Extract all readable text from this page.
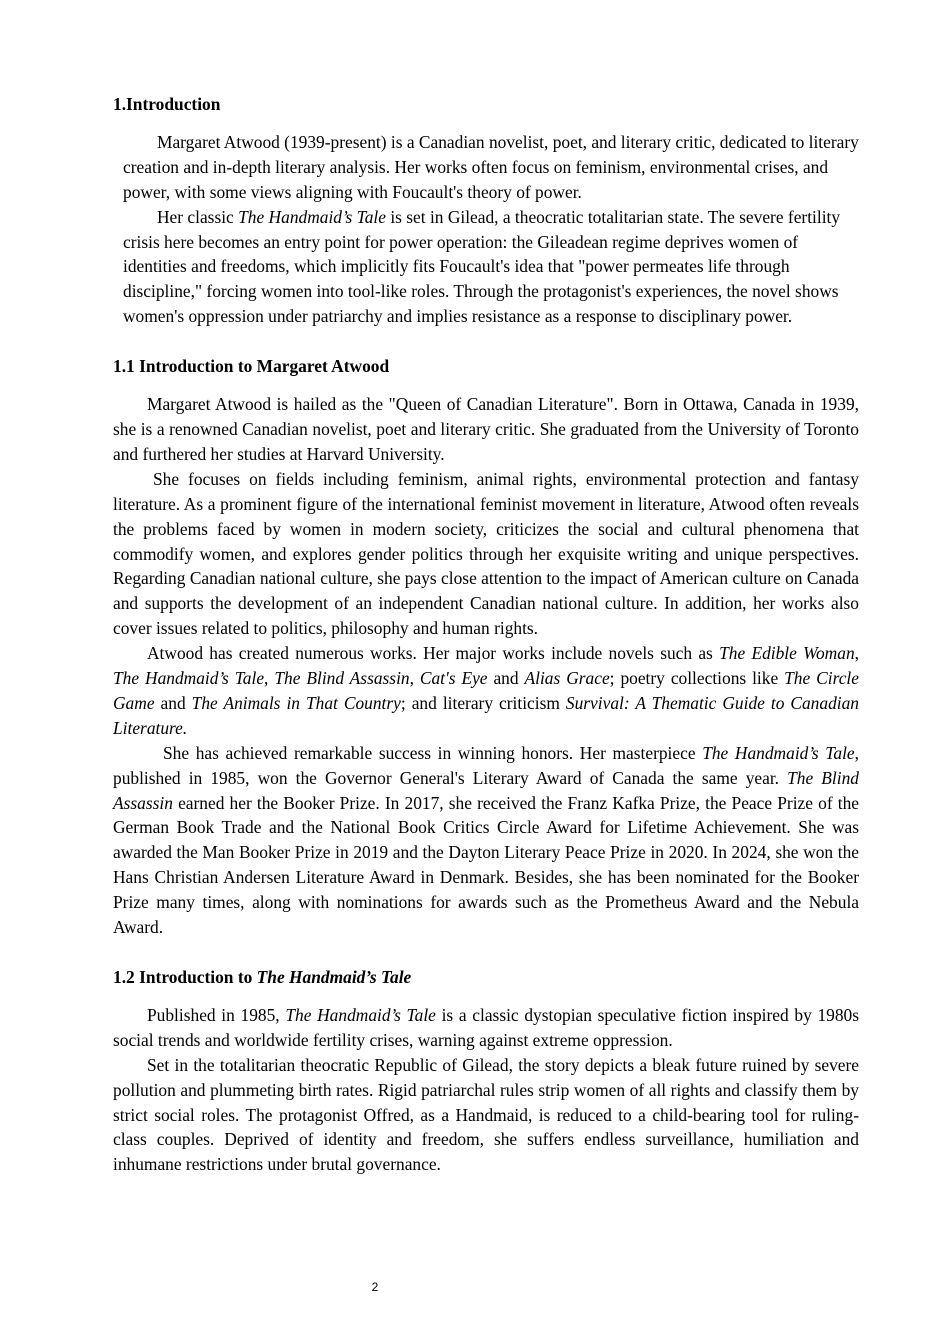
1.Introduction

Margaret Atwood (1939-present) is a Canadian novelist, poet, and literary critic, dedicated to literary creation and in-depth literary analysis. Her works often focus on feminism, environmental crises, and power, with some views aligning with Foucault's theory of power.

Her classic The Handmaid’s Tale is set in Gilead, a theocratic totalitarian state. The severe fertility crisis here becomes an entry point for power operation: the Gileadean regime deprives women of identities and freedoms, which implicitly fits Foucault's idea that "power permeates life through discipline," forcing women into tool-like roles. Through the protagonist's experiences, the novel shows women's oppression under patriarchy and implies resistance as a response to disciplinary power.

1.1 Introduction to Margaret Atwood

Margaret Atwood is hailed as the "Queen of Canadian Literature". Born in Ottawa, Canada in 1939, she is a renowned Canadian novelist, poet and literary critic. She graduated from the University of Toronto and furthered her studies at Harvard University.

She focuses on fields including feminism, animal rights, environmental protection and fantasy literature. As a prominent figure of the international feminist movement in literature, Atwood often reveals the problems faced by women in modern society, criticizes the social and cultural phenomena that commodify women, and explores gender politics through her exquisite writing and unique perspectives. Regarding Canadian national culture, she pays close attention to the impact of American culture on Canada and supports the development of an independent Canadian national culture. In addition, her works also cover issues related to politics, philosophy and human rights.

Atwood has created numerous works. Her major works include novels such as The Edible Woman, The Handmaid’s Tale, The Blind Assassin, Cat's Eye and Alias Grace; poetry collections like The Circle Game and The Animals in That Country; and literary criticism Survival: A Thematic Guide to Canadian Literature.

She has achieved remarkable success in winning honors. Her masterpiece The Handmaid’s Tale, published in 1985, won the Governor General's Literary Award of Canada the same year. The Blind Assassin earned her the Booker Prize. In 2017, she received the Franz Kafka Prize, the Peace Prize of the German Book Trade and the National Book Critics Circle Award for Lifetime Achievement. She was awarded the Man Booker Prize in 2019 and the Dayton Literary Peace Prize in 2020. In 2024, she won the Hans Christian Andersen Literature Award in Denmark. Besides, she has been nominated for the Booker Prize many times, along with nominations for awards such as the Prometheus Award and the Nebula Award.

1.2 Introduction to The Handmaid’s Tale

Published in 1985, The Handmaid’s Tale is a classic dystopian speculative fiction inspired by 1980s social trends and worldwide fertility crises, warning against extreme oppression.

Set in the totalitarian theocratic Republic of Gilead, the story depicts a bleak future ruined by severe pollution and plummeting birth rates. Rigid patriarchal rules strip women of all rights and classify them by strict social roles. The protagonist Offred, as a Handmaid, is reduced to a child-bearing tool for ruling-class couples. Deprived of identity and freedom, she suffers endless surveillance, humiliation and inhumane restrictions under brutal governance.

2
